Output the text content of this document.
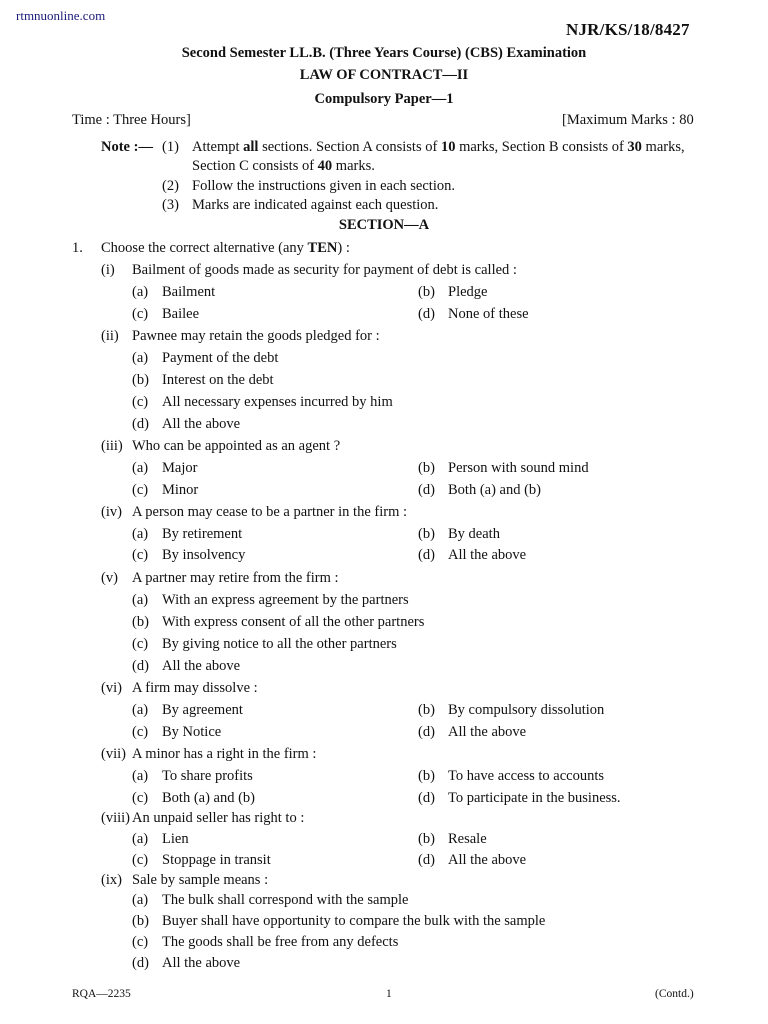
rtmnuonline.com
NJR/KS/18/8427
Second Semester LL.B. (Three Years Course) (CBS) Examination
LAW OF CONTRACT—II
Compulsory Paper—1
Time : Three Hours]	[Maximum Marks : 80
Note :— (1) Attempt all sections. Section A consists of 10 marks, Section B consists of 30 marks,
Section C consists of 40 marks.
(2) Follow the instructions given in each section.
(3) Marks are indicated against each question.
SECTION—A
1. Choose the correct alternative (any TEN) :
(i) Bailment of goods made as security for payment of debt is called :
(a) Bailment	(b) Pledge
(c) Bailee	(d) None of these
(ii) Pawnee may retain the goods pledged for :
(a) Payment of the debt
(b) Interest on the debt
(c) All necessary expenses incurred by him
(d) All the above
(iii) Who can be appointed as an agent ?
(a) Major	(b) Person with sound mind
(c) Minor	(d) Both (a) and (b)
(iv) A person may cease to be a partner in the firm :
(a) By retirement	(b) By death
(c) By insolvency	(d) All the above
(v) A partner may retire from the firm :
(a) With an express agreement by the partners
(b) With express consent of all the other partners
(c) By giving notice to all the other partners
(d) All the above
(vi) A firm may dissolve :
(a) By agreement	(b) By compulsory dissolution
(c) By Notice	(d) All the above
(vii) A minor has a right in the firm :
(a) To share profits	(b) To have access to accounts
(c) Both (a) and (b)	(d) To participate in the business.
(viii) An unpaid seller has right to :
(a) Lien	(b) Resale
(c) Stoppage in transit	(d) All the above
(ix) Sale by sample means :
(a) The bulk shall correspond with the sample
(b) Buyer shall have opportunity to compare the bulk with the sample
(c) The goods shall be free from any defects
(d) All the above
RQA—2235	1	(Contd.)
